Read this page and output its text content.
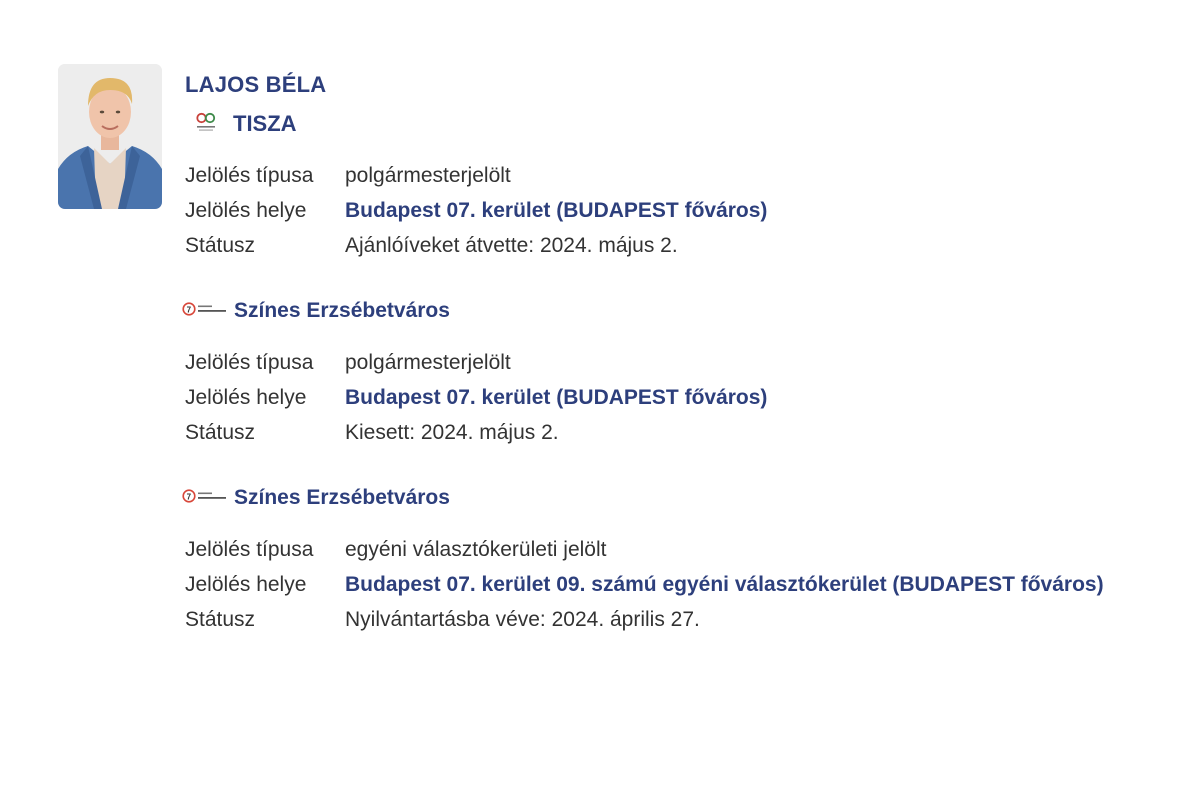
LAJOS BÉLA
TISZA
Jelölés típusa	polgármesterjelölt
Jelölés helye	Budapest 07. kerület (BUDAPEST főváros)
Státusz	Ajánlóíveket átvette: 2024. május 2.
7 Színes Erzsébetváros
Jelölés típusa	polgármesterjelölt
Jelölés helye	Budapest 07. kerület (BUDAPEST főváros)
Státusz	Kiesett: 2024. május 2.
7 Színes Erzsébetváros
Jelölés típusa	egyéni választókerületi jelölt
Jelölés helye	Budapest 07. kerület 09. számú egyéni választókerület (BUDAPEST főváros)
Státusz	Nyilvántartásba véve: 2024. április 27.
